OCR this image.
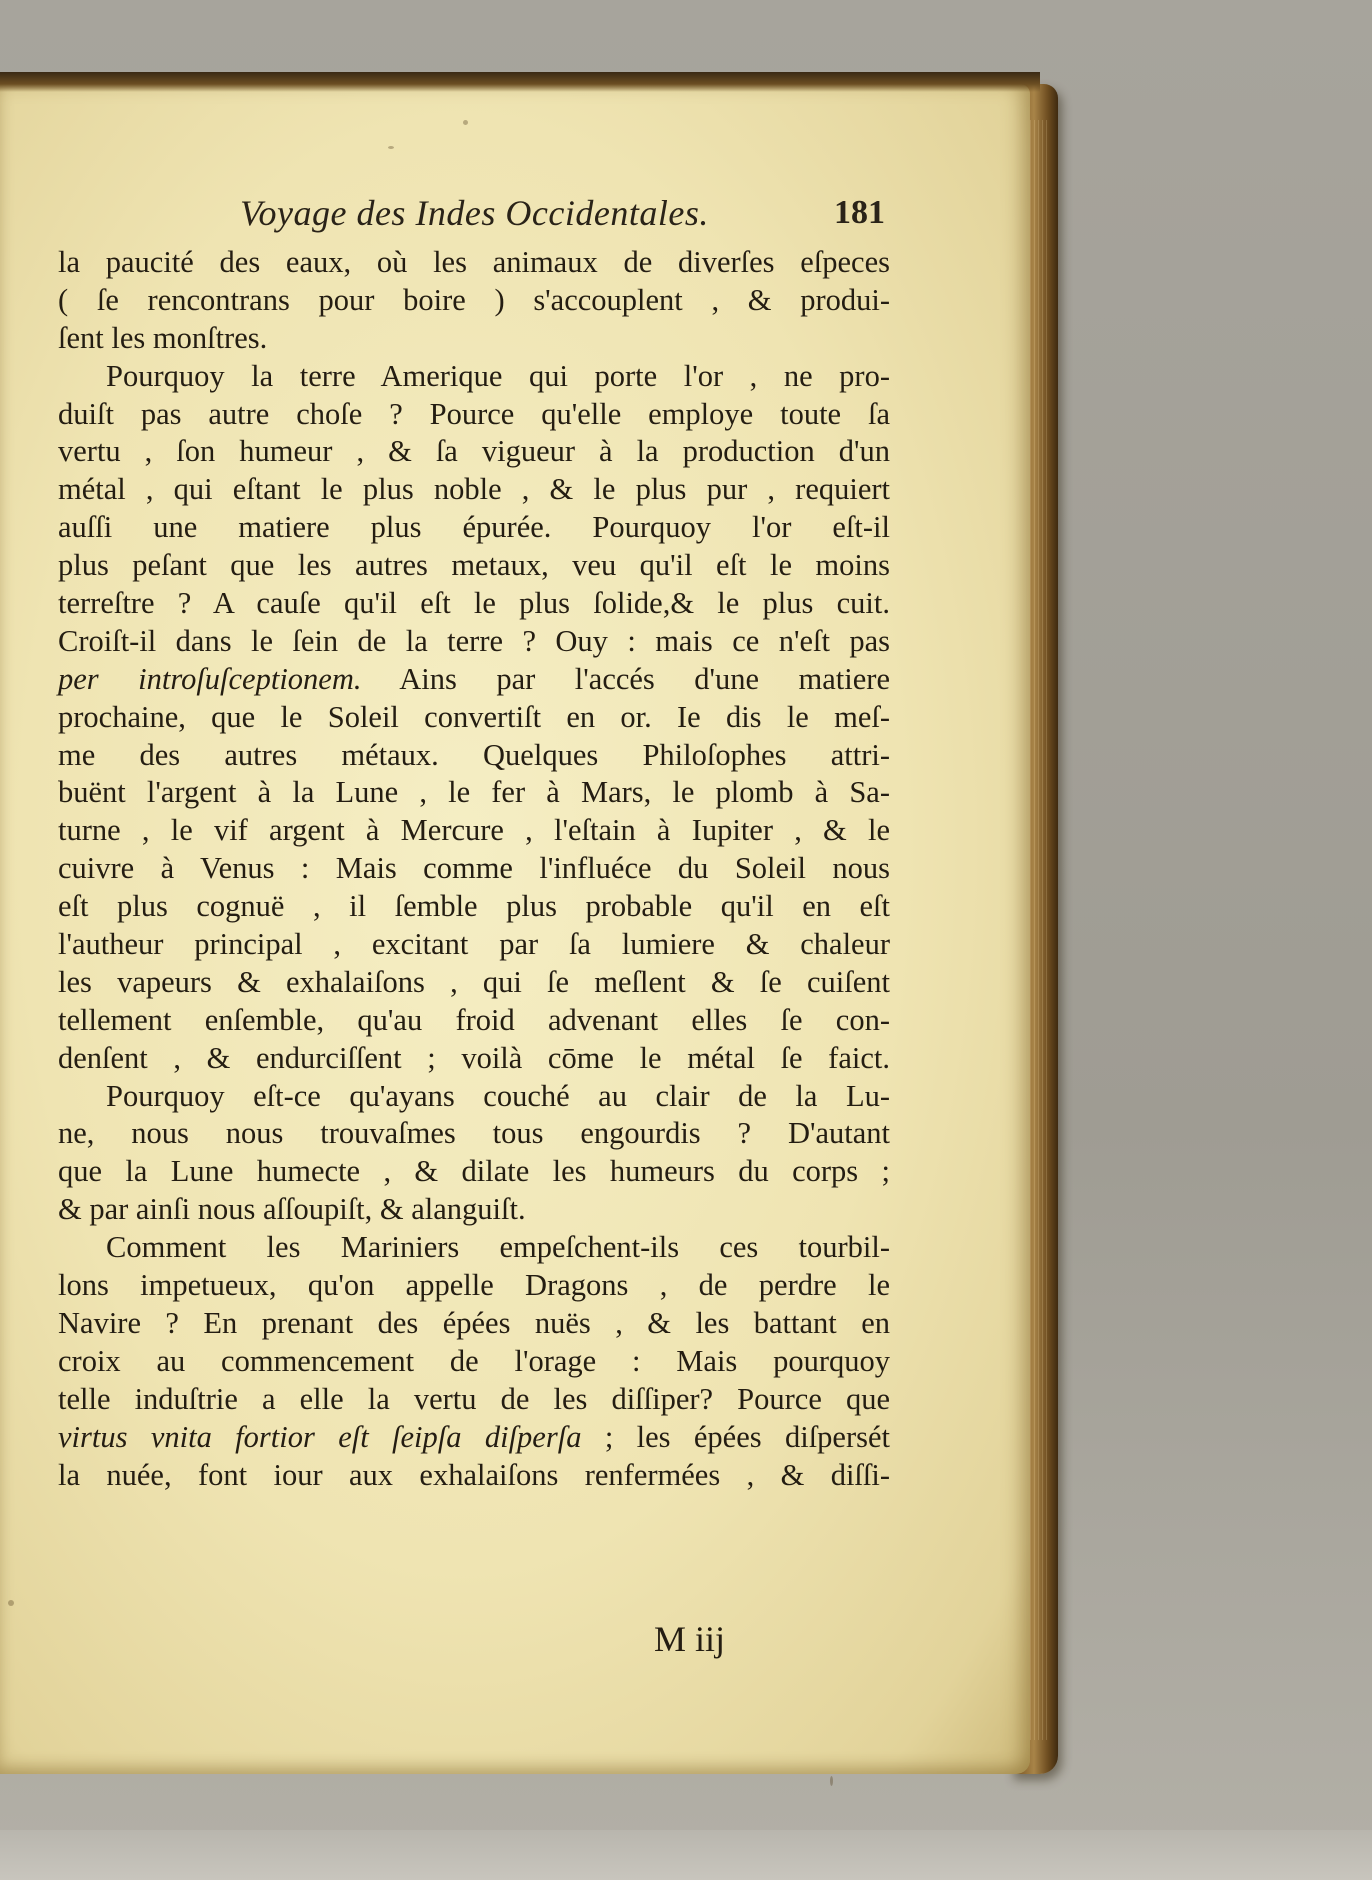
Voyage des Indes Occidentales.	181
la paucité des eaux, où les animaux de diverſes eſpeces
( ſe rencontrans pour boire ) s'accouplent , & produi-
ſent les monſtres.
Pourquoy la terre Amerique qui porte l'or , ne pro-
duiſt pas autre choſe ? Pource qu'elle employe toute ſa
vertu , ſon humeur , & ſa vigueur à la production d'un
métal , qui eſtant le plus noble , & le plus pur , requiert
auſſi une matiere plus épurée. Pourquoy l'or eſt-il
plus peſant que les autres metaux, veu qu'il eſt le moins
terreſtre ? A cauſe qu'il eſt le plus ſolide,& le plus cuit.
Croiſt-il dans le ſein de la terre ? Ouy : mais ce n'eſt pas
per introſuſceptionem. Ains par l'accés d'une matiere
prochaine, que le Soleil convertiſt en or. Ie dis le meſ-
me des autres métaux. Quelques Philoſophes attri-
buënt l'argent à la Lune , le fer à Mars, le plomb à Sa-
turne , le vif argent à Mercure , l'eſtain à Iupiter , & le
cuivre à Venus : Mais comme l'influéce du Soleil nous
eſt plus cognuë , il ſemble plus probable qu'il en eſt
l'autheur principal , excitant par ſa lumiere & chaleur
les vapeurs & exhalaiſons , qui ſe meſlent & ſe cuiſent
tellement enſemble, qu'au froid advenant elles ſe con-
denſent , & endurciſſent ; voilà cōme le métal ſe faict.
Pourquoy eſt-ce qu'ayans couché au clair de la Lu-
ne, nous nous trouvaſmes tous engourdis ? D'autant
que la Lune humecte , & dilate les humeurs du corps ;
& par ainſi nous aſſoupiſt, & alanguiſt.
Comment les Mariniers empeſchent-ils ces tourbil-
lons impetueux, qu'on appelle Dragons , de perdre le
Navire ? En prenant des épées nuës , & les battant en
croix au commencement de l'orage : Mais pourquoy
telle induſtrie a elle la vertu de les diſſiper? Pource que
virtus vnita fortior eſt ſeipſa diſperſa ; les épées diſpersét
la nuée, font iour aux exhalaiſons renfermées , & diſſi-
M iij
